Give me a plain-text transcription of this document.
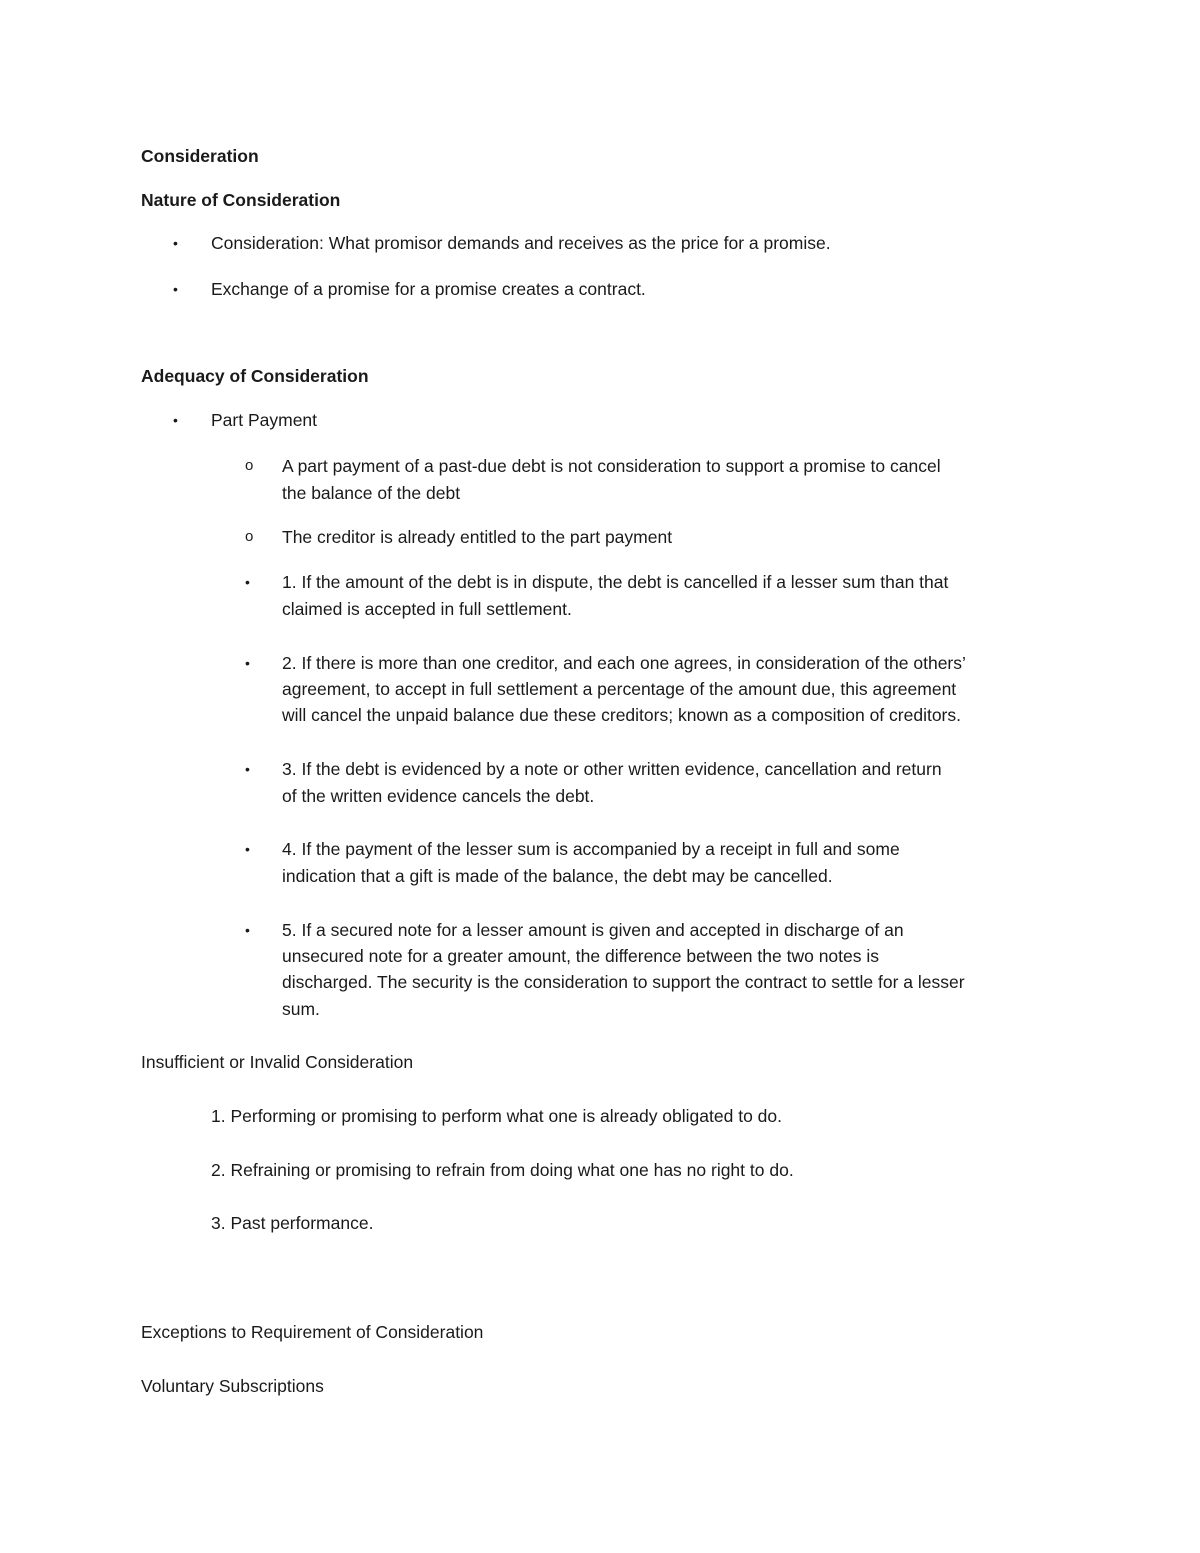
Consideration
Nature of Consideration
• Consideration: What promisor demands and receives as the price for a promise.
• Exchange of a promise for a promise creates a contract.
Adequacy of Consideration
• Part Payment
o A part payment of a past-due debt is not consideration to support a promise to cancel
the balance of the debt
o The creditor is already entitled to the part payment
• 1. If the amount of the debt is in dispute, the debt is cancelled if a lesser sum than that
claimed is accepted in full settlement.
• 2. If there is more than one creditor, and each one agrees, in consideration of the others’
agreement, to accept in full settlement a percentage of the amount due, this agreement
will cancel the unpaid balance due these creditors; known as a composition of creditors.
• 3. If the debt is evidenced by a note or other written evidence, cancellation and return
of the written evidence cancels the debt.
• 4. If the payment of the lesser sum is accompanied by a receipt in full and some
indication that a gift is made of the balance, the debt may be cancelled.
• 5. If a secured note for a lesser amount is given and accepted in discharge of an
unsecured note for a greater amount, the difference between the two notes is
discharged. The security is the consideration to support the contract to settle for a lesser
sum.
Insufficient or Invalid Consideration
1. Performing or promising to perform what one is already obligated to do.
2. Refraining or promising to refrain from doing what one has no right to do.
3. Past performance.
Exceptions to Requirement of Consideration
Voluntary Subscriptions
